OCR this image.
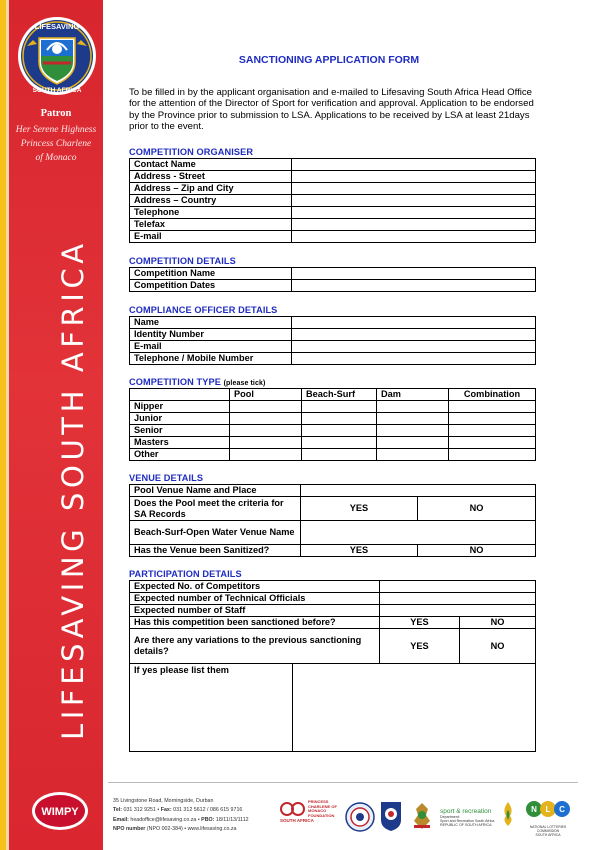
LIFESAVING
SOUTH AFRICA
Patron
Her Serene Highness
Princess Charlene
of Monaco
LIFESAVING SOUTH AFRICA
WIMPY
SANCTIONING APPLICATION FORM

To be filled in by the applicant organisation and e-mailed to Lifesaving South Africa Head Office for the attention of the Director of Sport for verification and approval. Application to be endorsed by the Province prior to submission to LSA. Applications to be received by LSA at least 21days prior to the event.

COMPETITION ORGANISER
Contact Name	
Address - Street	
Address – Zip and City	
Address – Country	
Telephone	
Telefax	
E-mail	
COMPETITION DETAILS
Competition Name	
Competition Dates	
COMPLIANCE OFFICER DETAILS
Name	
Identity Number	
E-mail	
Telephone / Mobile Number	
COMPETITION TYPE (please tick)
	Pool	Beach-Surf	Dam	Combination
Nipper				
Junior				
Senior				
Masters				
Other				
VENUE DETAILS
Pool Venue Name and Place		
Does the Pool meet the criteria for SA Records	YES	NO
Beach-Surf-Open Water Venue Name		
Has the Venue been Sanitized?	YES	NO
PARTICIPATION DETAILS
Expected No. of Competitors			
Expected number of Technical Officials			
Expected number of Staff			
Has this competition been sanctioned before?		YES	NO
Are there any variations to the previous sanctioning details?		YES	NO
If yes please list them			
35 Livingstone Road, Morningside, Durban
Tel: 031 312 9251 • Fax: 031 312 5612 / 086 615 9716
Email: headoffice@lifesaving.co.za • PBO: 18/11/13/1112
NPO number (NPO 002-384) • www.lifesaving.co.za
PRINCESS CHARLENE OF MONACO FOUNDATION
SOUTH AFRICA
sport & recreation
Department:
Sport and Recreation South Africa
REPUBLIC OF SOUTH AFRICA
N L C
NATIONAL LOTTERIES COMMISSION
SOUTH AFRICA
